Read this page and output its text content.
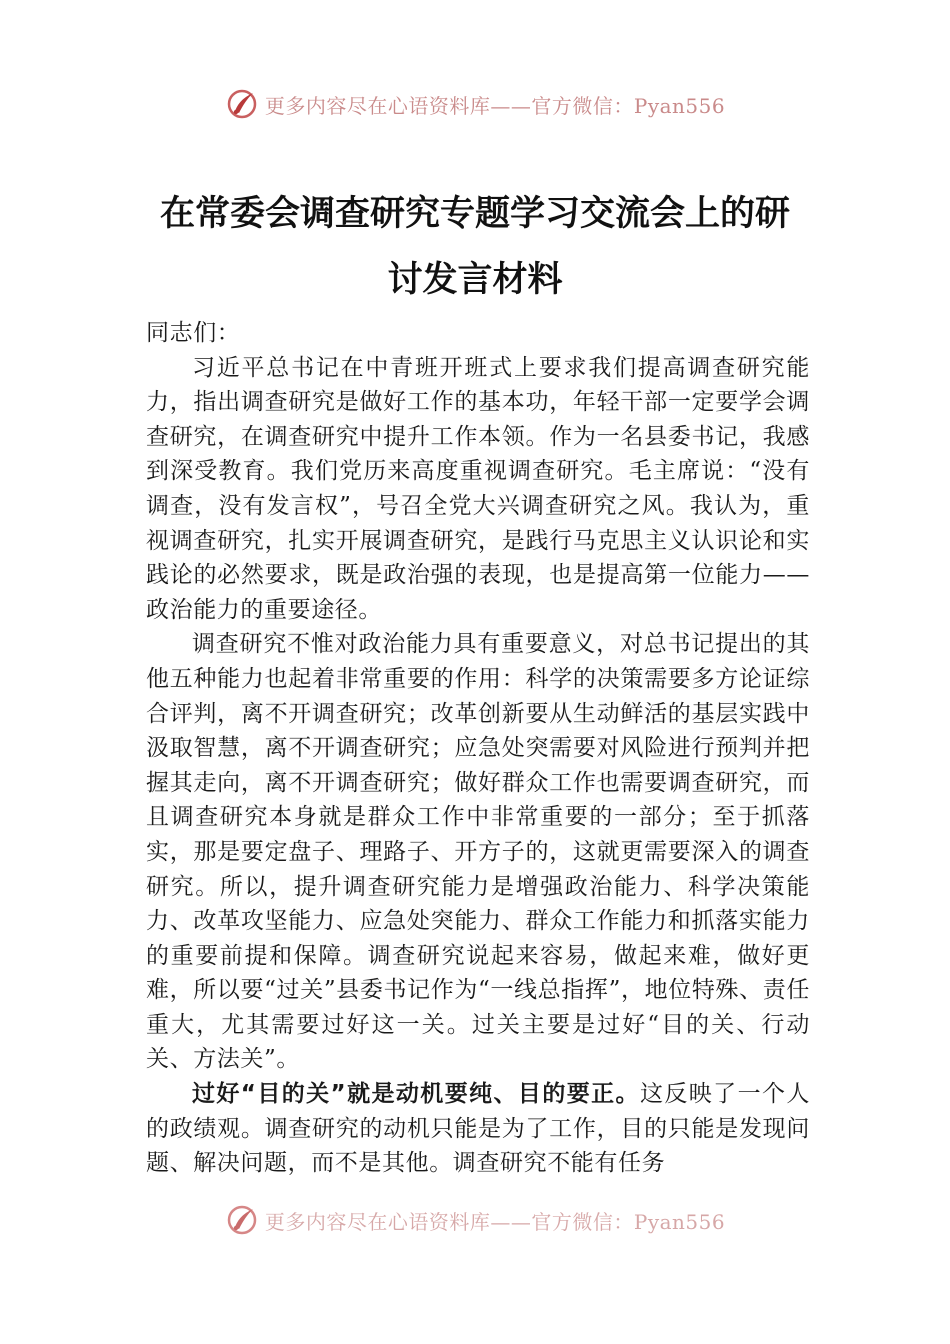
更多内容尽在心语资料库——官方微信：Pyan556
在常委会调查研究专题学习交流会上的研
讨发言材料

同志们：

习近平总书记在中青班开班式上要求我们提高调查研究能力，指出调查研究是做好工作的基本功，年轻干部一定要学会调查研究，在调查研究中提升工作本领。作为一名县委书记，我感到深受教育。我们党历来高度重视调查研究。毛主席说：“没有调查，没有发言权”，号召全党大兴调查研究之风。我认为，重视调查研究，扎实开展调查研究，是践行马克思主义认识论和实践论的必然要求，既是政治强的表现，也是提高第一位能力——政治能力的重要途径。

调查研究不惟对政治能力具有重要意义，对总书记提出的其他五种能力也起着非常重要的作用：科学的决策需要多方论证综合评判，离不开调查研究；改革创新要从生动鲜活的基层实践中汲取智慧，离不开调查研究；应急处突需要对风险进行预判并把握其走向，离不开调查研究；做好群众工作也需要调查研究，而且调查研究本身就是群众工作中非常重要的一部分；至于抓落实，那是要定盘子、理路子、开方子的，这就更需要深入的调查研究。所以，提升调查研究能力是增强政治能力、科学决策能力、改革攻坚能力、应急处突能力、群众工作能力和抓落实能力的重要前提和保障。调查研究说起来容易，做起来难，做好更难，所以要“过关”县委书记作为“一线总指挥”，地位特殊、责任重大，尤其需要过好这一关。过关主要是过好“目的关、行动关、方法关”。

过好“目的关”就是动机要纯、目的要正。这反映了一个人的政绩观。调查研究的动机只能是为了工作，目的只能是发现问题、解决问题，而不是其他。调查研究不能有任务

更多内容尽在心语资料库——官方微信：Pyan556
